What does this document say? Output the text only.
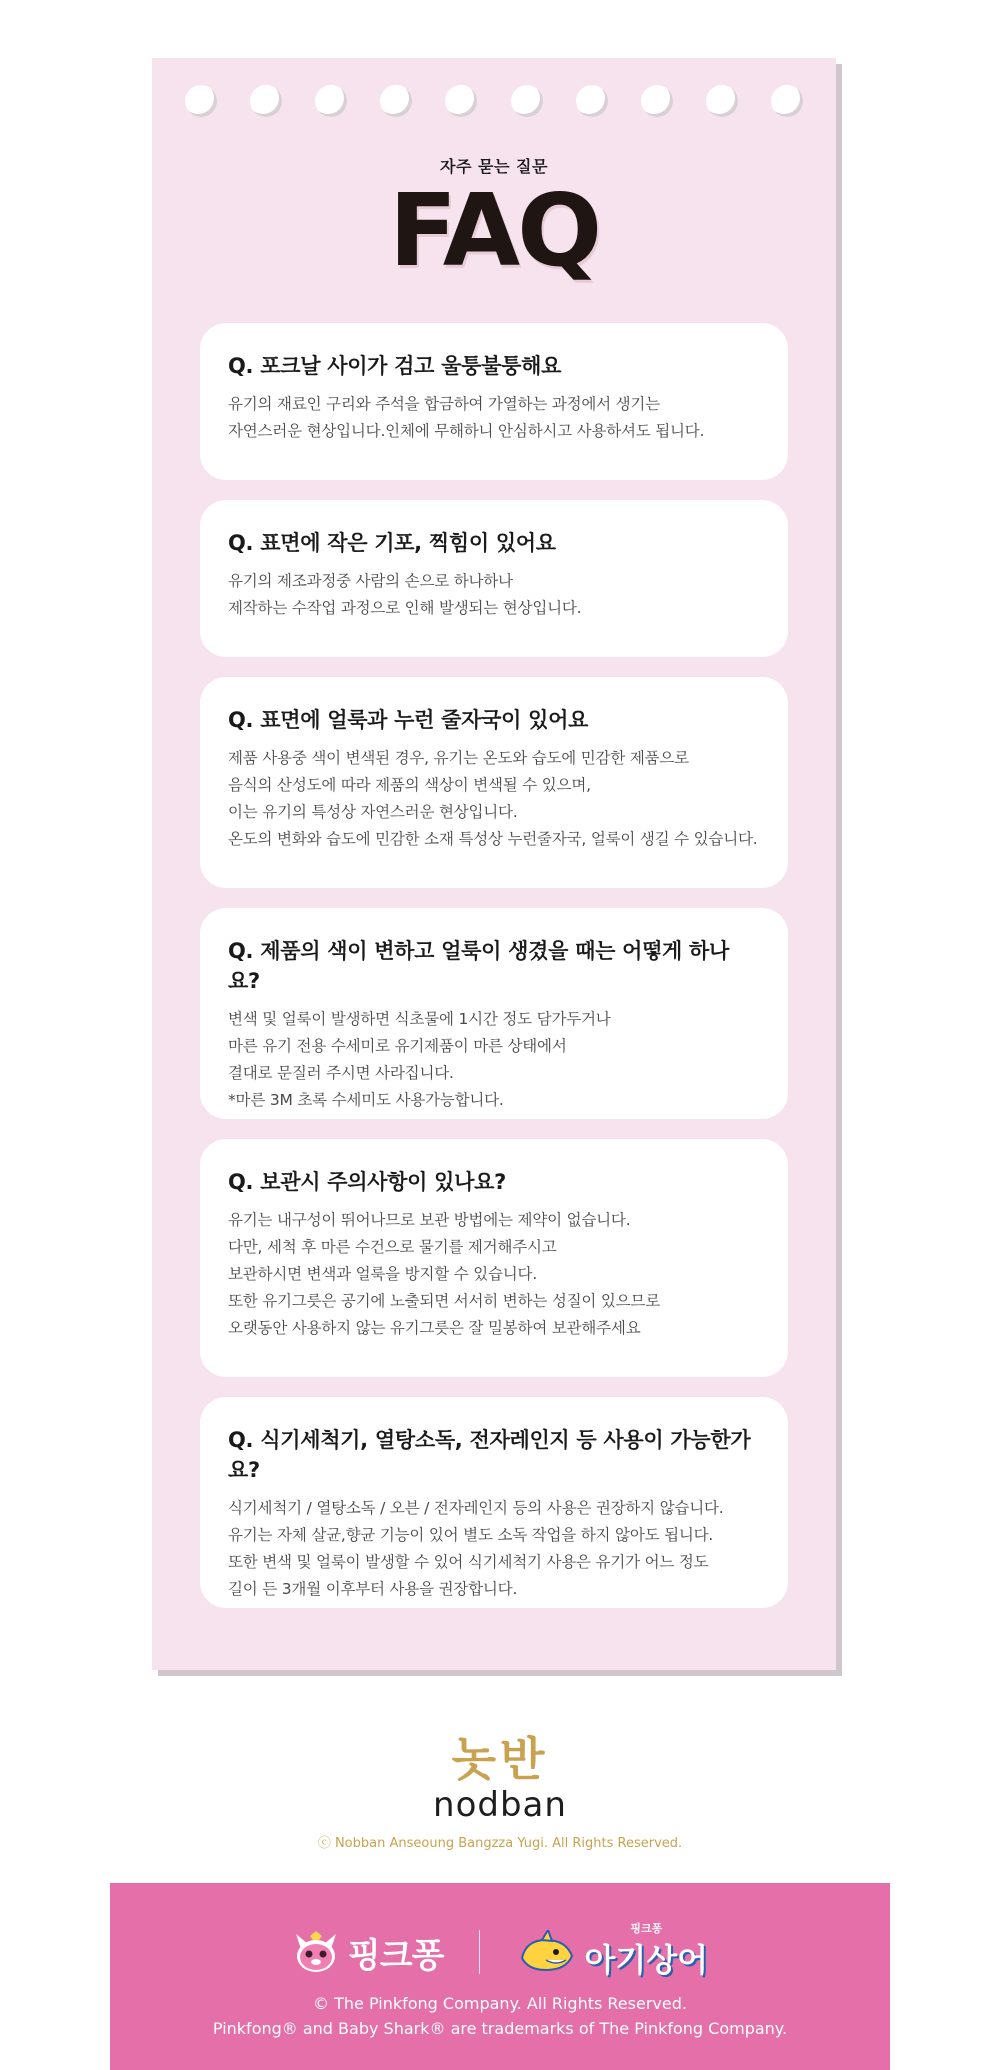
자주 묻는 질문
FAQ

Q. 포크날 사이가 검고 울퉁불퉁해요

유기의 재료인 구리와 주석을 합금하여 가열하는 과정에서 생기는

자연스러운 현상입니다.인체에 무해하니 안심하시고 사용하셔도 됩니다.

Q. 표면에 작은 기포, 찍힘이 있어요

유기의 제조과정중 사람의 손으로 하나하나

제작하는 수작업 과정으로 인해 발생되는 현상입니다.

Q. 표면에 얼룩과 누런 줄자국이 있어요

제품 사용중 색이 변색된 경우, 유기는 온도와 습도에 민감한 제품으로

음식의 산성도에 따라 제품의 색상이 변색될 수 있으며,

이는 유기의 특성상 자연스러운 현상입니다.

온도의 변화와 습도에 민감한 소재 특성상 누런줄자국, 얼룩이 생길 수 있습니다.

Q. 제품의 색이 변하고 얼룩이 생겼을 때는 어떻게 하나요?

변색 및 얼룩이 발생하면 식초물에 1시간 정도 담가두거나

마른 유기 전용 수세미로 유기제품이 마른 상태에서

결대로 문질러 주시면 사라집니다.

*마른 3M 초록 수세미도 사용가능합니다.

Q. 보관시 주의사항이 있나요?

유기는 내구성이 뛰어나므로 보관 방법에는 제약이 없습니다.

다만, 세척 후 마른 수건으로 물기를 제거해주시고

보관하시면 변색과 얼룩을 방지할 수 있습니다.

또한 유기그릇은 공기에 노출되면 서서히 변하는 성질이 있으므로

오랫동안 사용하지 않는 유기그릇은 잘 밀봉하여 보관해주세요

Q. 식기세척기, 열탕소독, 전자레인지 등 사용이 가능한가요?

식기세척기 / 열탕소독 / 오븐 / 전자레인지 등의 사용은 권장하지 않습니다.

유기는 자체 살균,향균 기능이 있어 별도 소독 작업을 하지 않아도 됩니다.

또한 변색 및 얼룩이 발생할 수 있어 식기세척기 사용은 유기가 어느 정도

길이 든 3개월 이후부터 사용을 권장합니다.

놋반
nodban
ⓒ Nobban Anseoung Bangzza Yugi. All Rights Reserved.
핑크퐁
핑크퐁
아기상어
© The Pinkfong Company. All Rights Reserved.
Pinkfong® and Baby Shark® are trademarks of The Pinkfong Company.
